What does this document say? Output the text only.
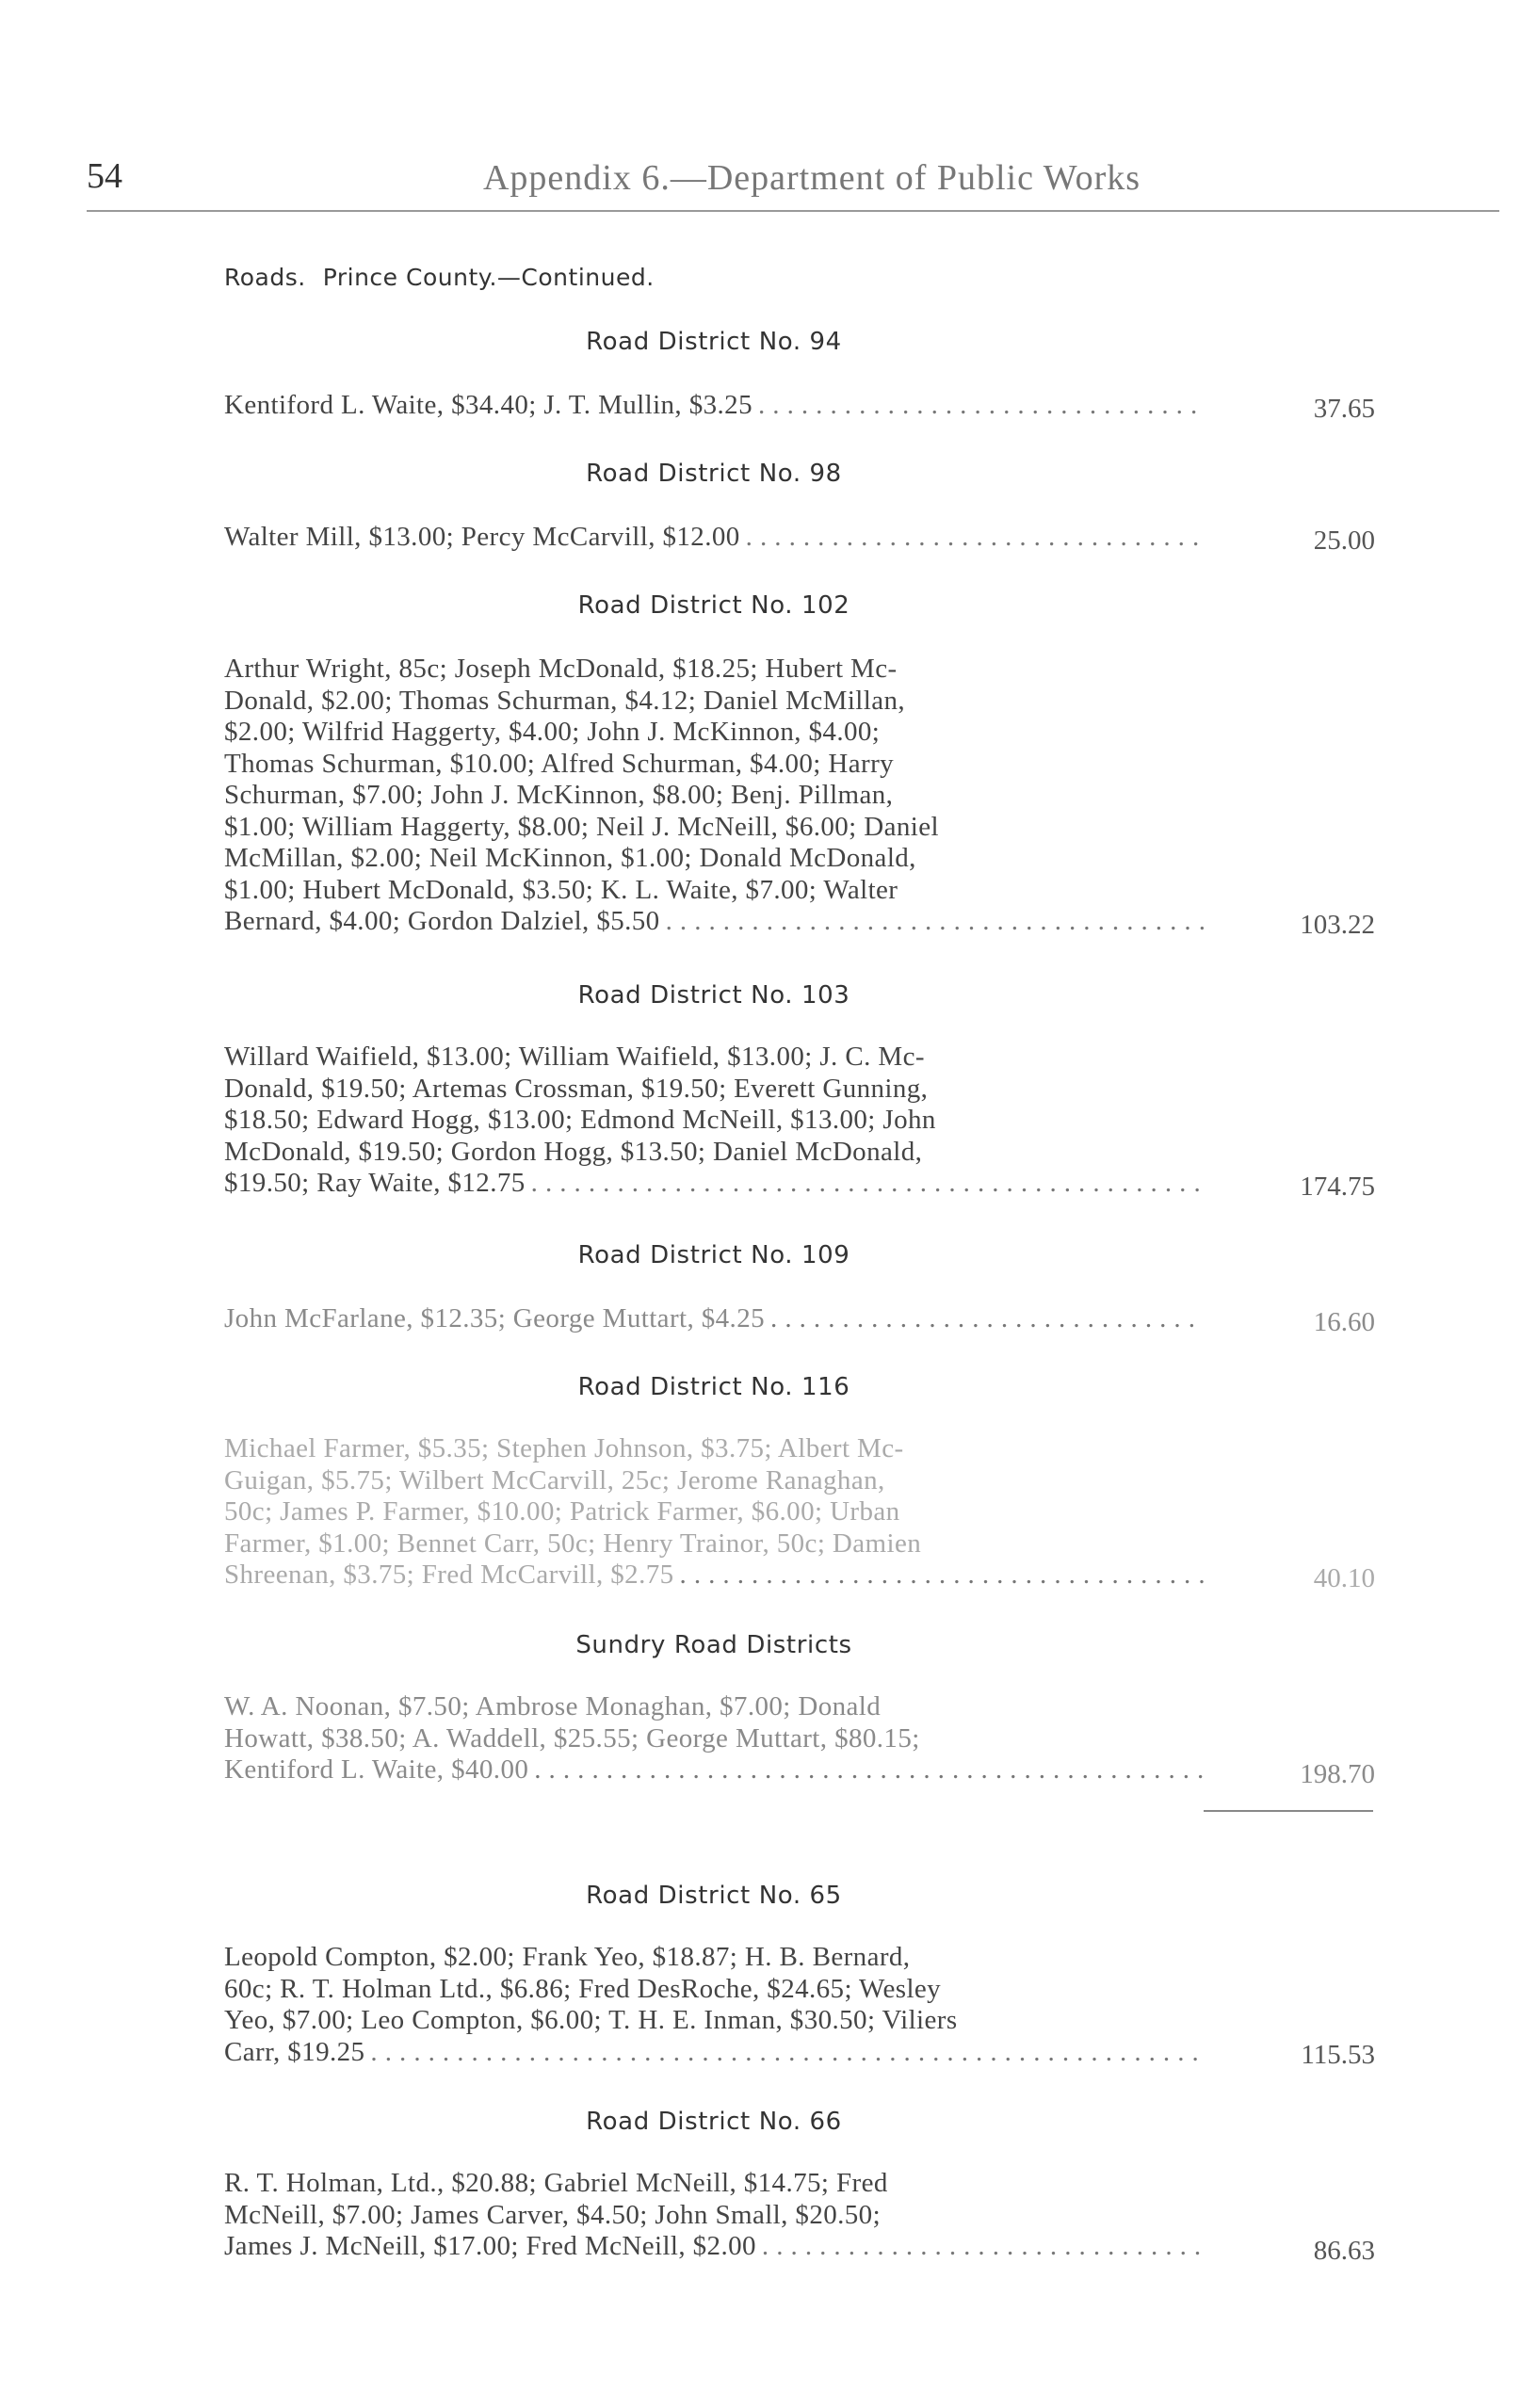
54	Appendix 6.—Department of Public Works
Roads. Prince County.—Continued.
Road District No. 94
Kentiford L. Waite, $34.40; J. T. Mullin, $3.25 . . .	37.65
Road District No. 98
Walter Mill, $13.00; Percy McCarvill, $12.00 . . .	25.00
Road District No. 102
Arthur Wright, 85c; Joseph McDonald, $18.25; Hubert Mc-
Donald, $2.00; Thomas Schurman, $4.12; Daniel McMillan,
$2.00; Wilfrid Haggerty, $4.00; John J. McKinnon, $4.00;
Thomas Schurman, $10.00; Alfred Schurman, $4.00; Harry
Schurman, $7.00; John J. McKinnon, $8.00; Benj. Pillman,
$1.00; William Haggerty, $8.00; Neil J. McNeill, $6.00; Daniel
McMillan, $2.00; Neil McKinnon, $1.00; Donald McDonald,
$1.00; Hubert McDonald, $3.50; K. L. Waite, $7.00; Walter
Bernard, $4.00; Gordon Dalziel, $5.50 . . .	103.22
Road District No. 103
Willard Waifield, $13.00; William Waifield, $13.00; J. C. Mc-
Donald, $19.50; Artemas Crossman, $19.50; Everett Gunning,
$18.50; Edward Hogg, $13.00; Edmond McNeill, $13.00; John
McDonald, $19.50; Gordon Hogg, $13.50; Daniel McDonald,
$19.50; Ray Waite, $12.75 . . .	174.75
Road District No. 109
John McFarlane, $12.35; George Muttart, $4.25 . . .	16.60
Road District No. 116
Michael Farmer, $5.35; Stephen Johnson, $3.75; Albert Mc-
Guigan, $5.75; Wilbert McCarvill, 25c; Jerome Ranaghan,
50c; James P. Farmer, $10.00; Patrick Farmer, $6.00; Urban
Farmer, $1.00; Bennet Carr, 50c; Henry Trainor, 50c; Damien
Shreenan, $3.75; Fred McCarvill, $2.75 . . .	40.10
Sundry Road Districts
W. A. Noonan, $7.50; Ambrose Monaghan, $7.00; Donald
Howatt, $38.50; A. Waddell, $25.55; George Muttart, $80.15;
Kentiford L. Waite, $40.00 . . .	198.70
Road District No. 65
Leopold Compton, $2.00; Frank Yeo, $18.87; H. B. Bernard,
60c; R. T. Holman Ltd., $6.86; Fred DesRoche, $24.65; Wesley
Yeo, $7.00; Leo Compton, $6.00; T. H. E. Inman, $30.50; Viliers
Carr, $19.25 . . .	115.53
Road District No. 66
R. T. Holman, Ltd., $20.88; Gabriel McNeill, $14.75; Fred
McNeill, $7.00; James Carver, $4.50; John Small, $20.50;
James J. McNeill, $17.00; Fred McNeill, $2.00 . . .	86.63
